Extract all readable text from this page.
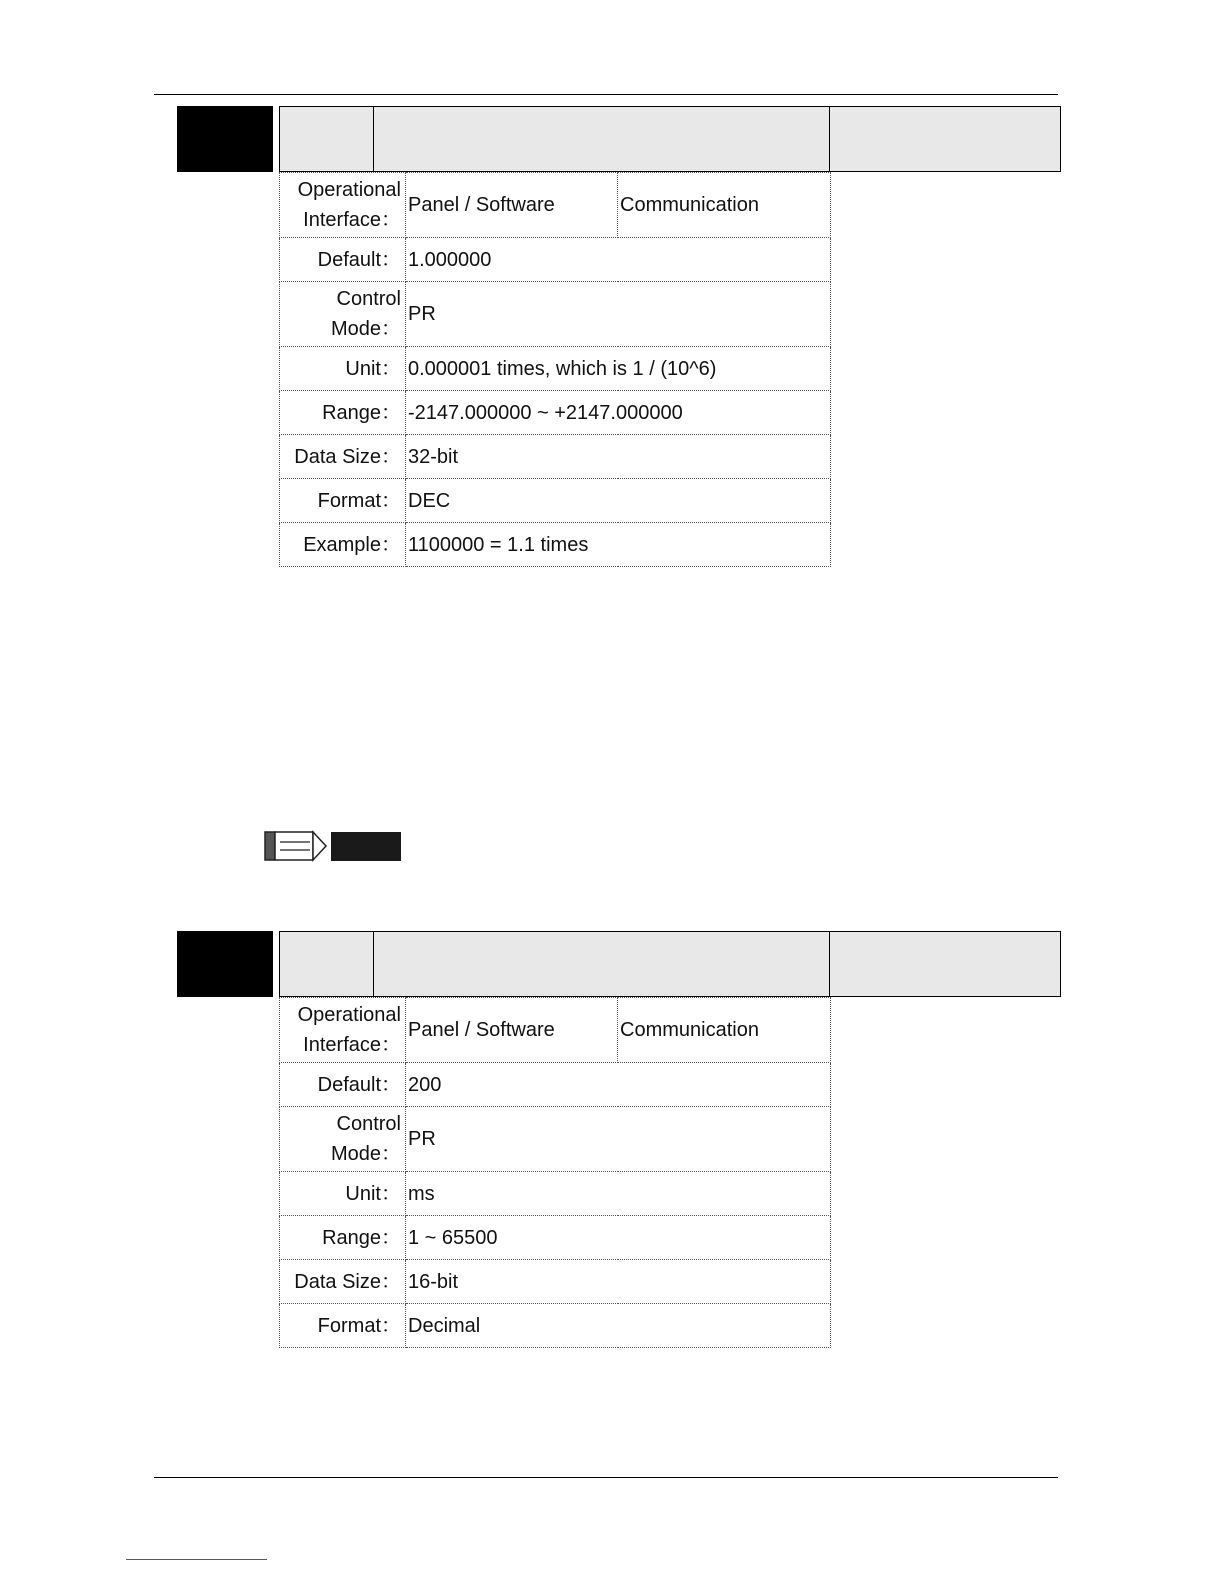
Operational Interface：	Panel / Software	Communication
Default：	1.000000	
Control Mode：	PR	
Unit：	0.000001 times, which is 1 / (10^6)	
Range：	-2147.000000 ~ +2147.000000	
Data Size：	32-bit	
Format：	DEC	
Example：	1100000 = 1.1 times	
Operational Interface：	Panel / Software	Communication
Default：	200	
Control Mode：	PR	
Unit：	ms	
Range：	1 ~ 65500	
Data Size：	16-bit	
Format：	Decimal	
